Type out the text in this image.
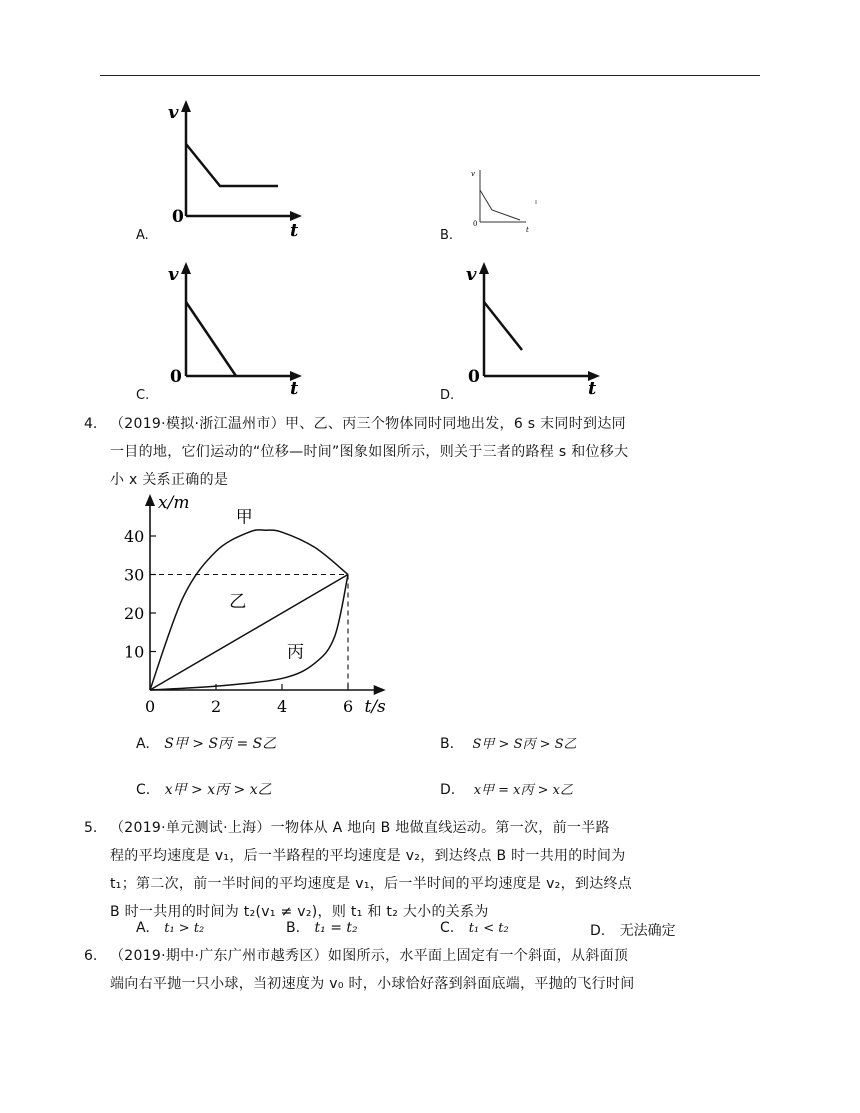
v
0
t
A.
v
0
t
B.
v
0
t
C.
v
0
t
D.
4. （2019·模拟·浙江温州市）甲、乙、丙三个物体同时同地出发，6 s 末同时到达同
一目的地，它们运动的“位移—时间”图象如图所示，则关于三者的路程 s 和位移大
小 x 关系正确的是
x/m
t/s
10
20
30
40
0	2	4	6
甲
乙
丙
A. S甲 > S丙 = S乙	B. S甲 > S丙 > S乙
C. x甲 > x丙 > x乙	D. x甲 = x丙 > x乙
5. （2019·单元测试·上海）一物体从 A 地向 B 地做直线运动。第一次，前一半路
程的平均速度是 v₁，后一半路程的平均速度是 v₂，到达终点 B 时一共用的时间为
t₁；第二次，前一半时间的平均速度是 v₁，后一半时间的平均速度是 v₂，到达终点
B 时一共用的时间为 t₂(v₁ ≠ v₂)，则 t₁ 和 t₂ 大小的关系为
A. t₁ > t₂	B. t₁ = t₂	C. t₁ < t₂	D. 无法确定
6. （2019·期中·广东广州市越秀区）如图所示，水平面上固定有一个斜面，从斜面顶
端向右平抛一只小球，当初速度为 v₀ 时，小球恰好落到斜面底端，平抛的飞行时间
